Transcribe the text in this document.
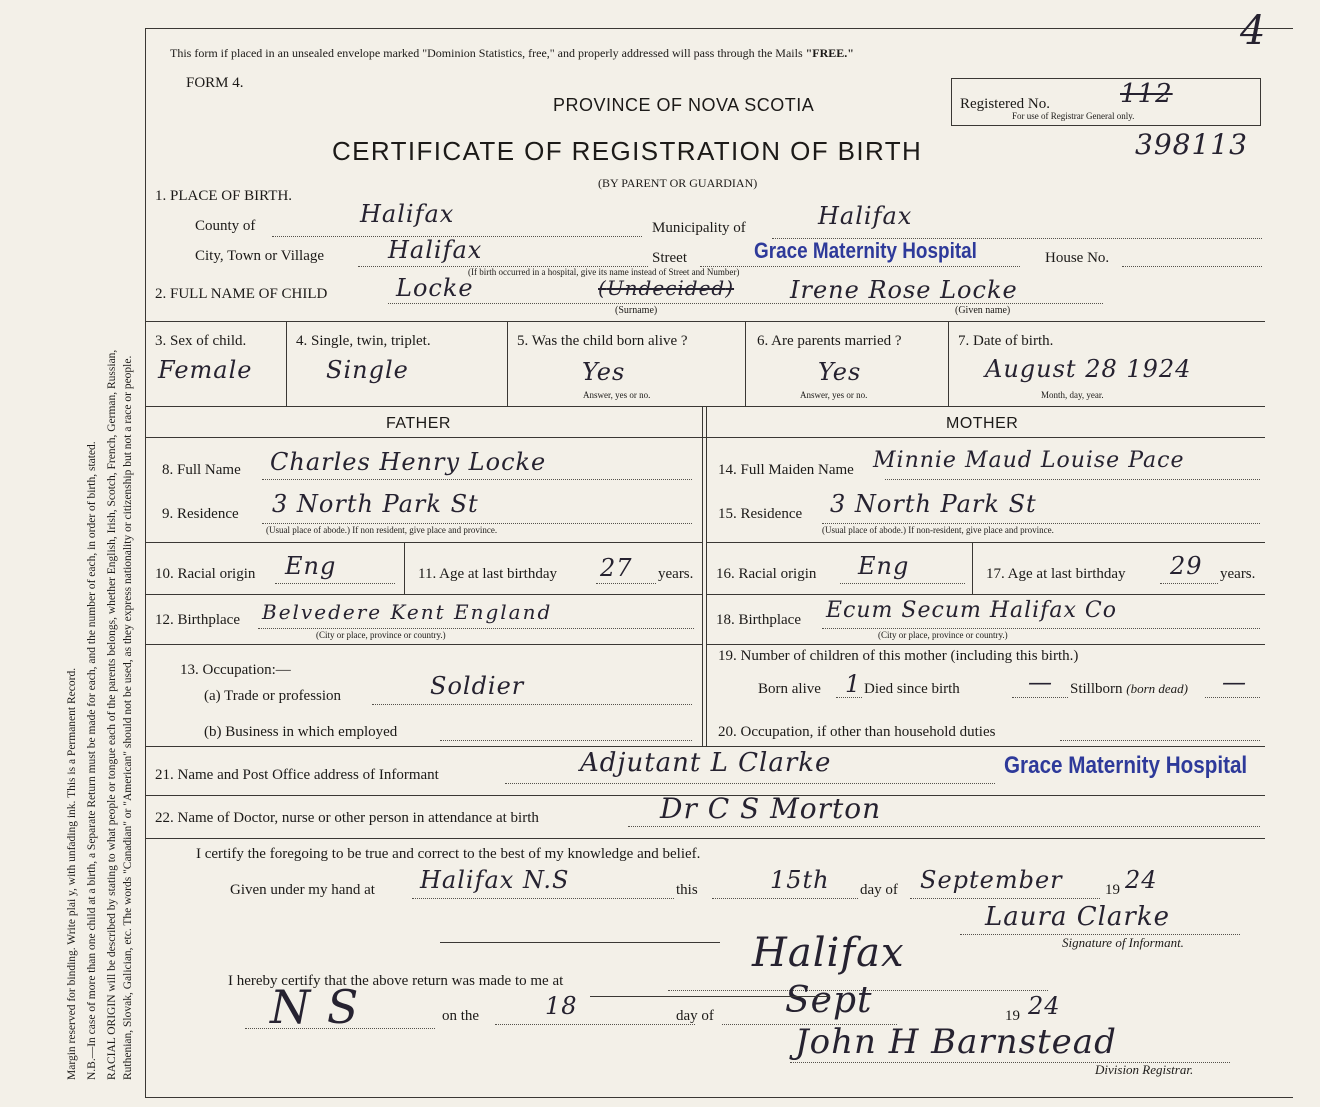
Margin reserved for binding. Write plai y, with unfading ink. This is a Permanent Record. N.B.—In case of more than one child at a birth, a Separate Return must be made for each, and the number of each, in order of birth, stated. RACIAL ORIGIN will be described by stating to what people or tongue each of the parents belongs, whether English, Irish, Scotch, French, German, Russian, Ruthenian, Slovak, Galician, etc. The words "Canadian" or "American" should not be used, as they express nationality or citizenship but not a race or people.
This form if placed in an unsealed envelope marked "Dominion Statistics, free," and properly addressed will pass through the Mails "FREE."
FORM 4.
PROVINCE OF NOVA SCOTIA
CERTIFICATE OF REGISTRATION OF BIRTH
(BY PARENT OR GUARDIAN)
Registered No.	112
For use of Registrar General only.
398113
4
1. PLACE OF BIRTH.
County of	Halifax	Municipality of	Halifax
City, Town or Village	Halifax	Street	Grace Maternity Hospital	House No.
(If birth occurred in a hospital, give its name instead of Street and Number)
2. FULL NAME OF CHILD	Locke	(Undecided) Irene Rose Locke
(Surname)	(Given name)
3. Sex of child.
Female
4. Single, twin, triplet.
Single
5. Was the child born alive ?
Yes
Answer, yes or no.
6. Are parents married ?
Yes
Answer, yes or no.
7. Date of birth.
August 28 1924
Month, day, year.
FATHER	MOTHER
8. Full Name Charles Henry Locke
9. Residence 3 North Park St
(Usual place of abode.) If non resident, give place and province.
10. Racial origin Eng	11. Age at last birthday 27 years.
12. Birthplace Belvedere Kent England
(City or place, province or country.)
13. Occupation:—
(a) Trade or profession	Soldier
(b) Business in which employed
14. Full Maiden Name Minnie Maud Louise Pace
15. Residence 3 North Park St
(Usual place of abode.) If non-resident, give place and province.
16. Racial origin Eng	17. Age at last birthday 29 years.
18. Birthplace Ecum Secum Halifax Co
(City or place, province or country.)
19. Number of children of this mother (including this birth.)
Born alive 1 Died since birth	— Stillborn (born dead) —
20. Occupation, if other than household duties
21. Name and Post Office address of Informant	Adjutant L Clarke	Grace Maternity Hospital
22. Name of Doctor, nurse or other person in attendance at birth	Dr C S Morton
I certify the foregoing to be true and correct to the best of my knowledge and belief.
Given under my hand at Halifax N.S	this	15th day of September	19 24
Laura Clarke
Signature of Informant.
I hereby certify that the above return was made to me at
Halifax
N S	on the	18	day of Sept	19 24
John H Barnstead
Division Registrar.
